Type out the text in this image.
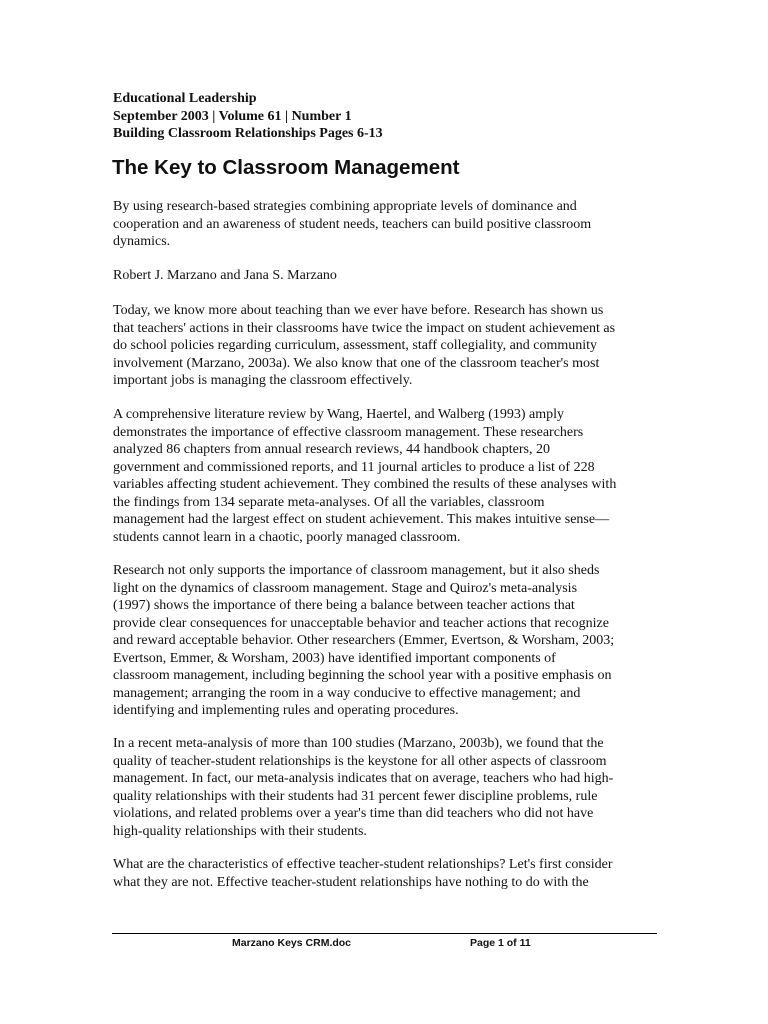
Educational Leadership
September 2003 | Volume 61 | Number 1
Building Classroom Relationships Pages 6-13
The Key to Classroom Management
By using research-based strategies combining appropriate levels of dominance and
cooperation and an awareness of student needs, teachers can build positive classroom
dynamics.
Robert J. Marzano and Jana S. Marzano
Today, we know more about teaching than we ever have before. Research has shown us
that teachers' actions in their classrooms have twice the impact on student achievement as
do school policies regarding curriculum, assessment, staff collegiality, and community
involvement (Marzano, 2003a). We also know that one of the classroom teacher's most
important jobs is managing the classroom effectively.
A comprehensive literature review by Wang, Haertel, and Walberg (1993) amply
demonstrates the importance of effective classroom management. These researchers
analyzed 86 chapters from annual research reviews, 44 handbook chapters, 20
government and commissioned reports, and 11 journal articles to produce a list of 228
variables affecting student achievement. They combined the results of these analyses with
the findings from 134 separate meta-analyses. Of all the variables, classroom
management had the largest effect on student achievement. This makes intuitive sense—
students cannot learn in a chaotic, poorly managed classroom.
Research not only supports the importance of classroom management, but it also sheds
light on the dynamics of classroom management. Stage and Quiroz's meta-analysis
(1997) shows the importance of there being a balance between teacher actions that
provide clear consequences for unacceptable behavior and teacher actions that recognize
and reward acceptable behavior. Other researchers (Emmer, Evertson, & Worsham, 2003;
Evertson, Emmer, & Worsham, 2003) have identified important components of
classroom management, including beginning the school year with a positive emphasis on
management; arranging the room in a way conducive to effective management; and
identifying and implementing rules and operating procedures.
In a recent meta-analysis of more than 100 studies (Marzano, 2003b), we found that the
quality of teacher-student relationships is the keystone for all other aspects of classroom
management. In fact, our meta-analysis indicates that on average, teachers who had high-
quality relationships with their students had 31 percent fewer discipline problems, rule
violations, and related problems over a year's time than did teachers who did not have
high-quality relationships with their students.
What are the characteristics of effective teacher-student relationships? Let's first consider
what they are not. Effective teacher-student relationships have nothing to do with the
Marzano Keys CRM.doc	Page 1 of 11
